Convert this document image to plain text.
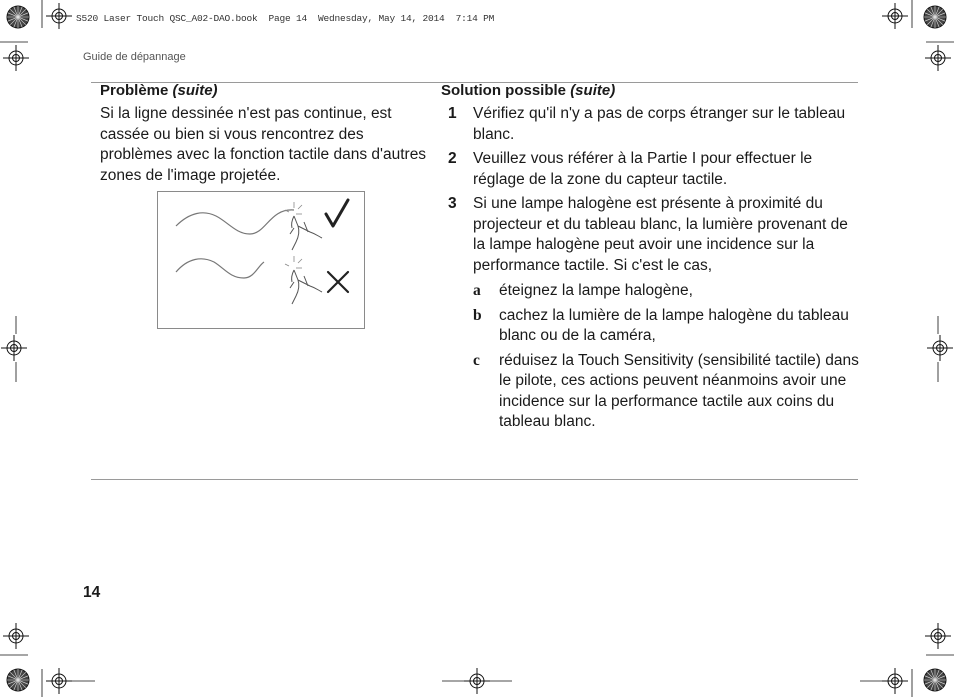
S520 Laser Touch QSC_A02-DAO.book  Page 14  Wednesday, May 14, 2014  7:14 PM
Guide de dépannage
Problème (suite)	Solution possible (suite)
Si la ligne dessinée n'est pas continue, est cassée ou bien si vous rencontrez des problèmes avec la fonction tactile dans d'autres zones de l'image projetée.
1 Vérifiez qu'il n'y a pas de corps étranger sur le tableau blanc.
2 Veuillez vous référer à la Partie I pour effectuer le réglage de la zone du capteur tactile.
3 Si une lampe halogène est présente à proximité du projecteur et du tableau blanc, la lumière provenant de la lampe halogène peut avoir une incidence sur la performance tactile. Si c'est le cas,
a éteignez la lampe halogène,
b cachez la lumière de la lampe halogène du tableau blanc ou de la caméra,
c réduisez la Touch Sensitivity (sensibilité tactile) dans le pilote, ces actions peuvent néanmoins avoir une incidence sur la performance tactile aux coins du tableau blanc.
14
